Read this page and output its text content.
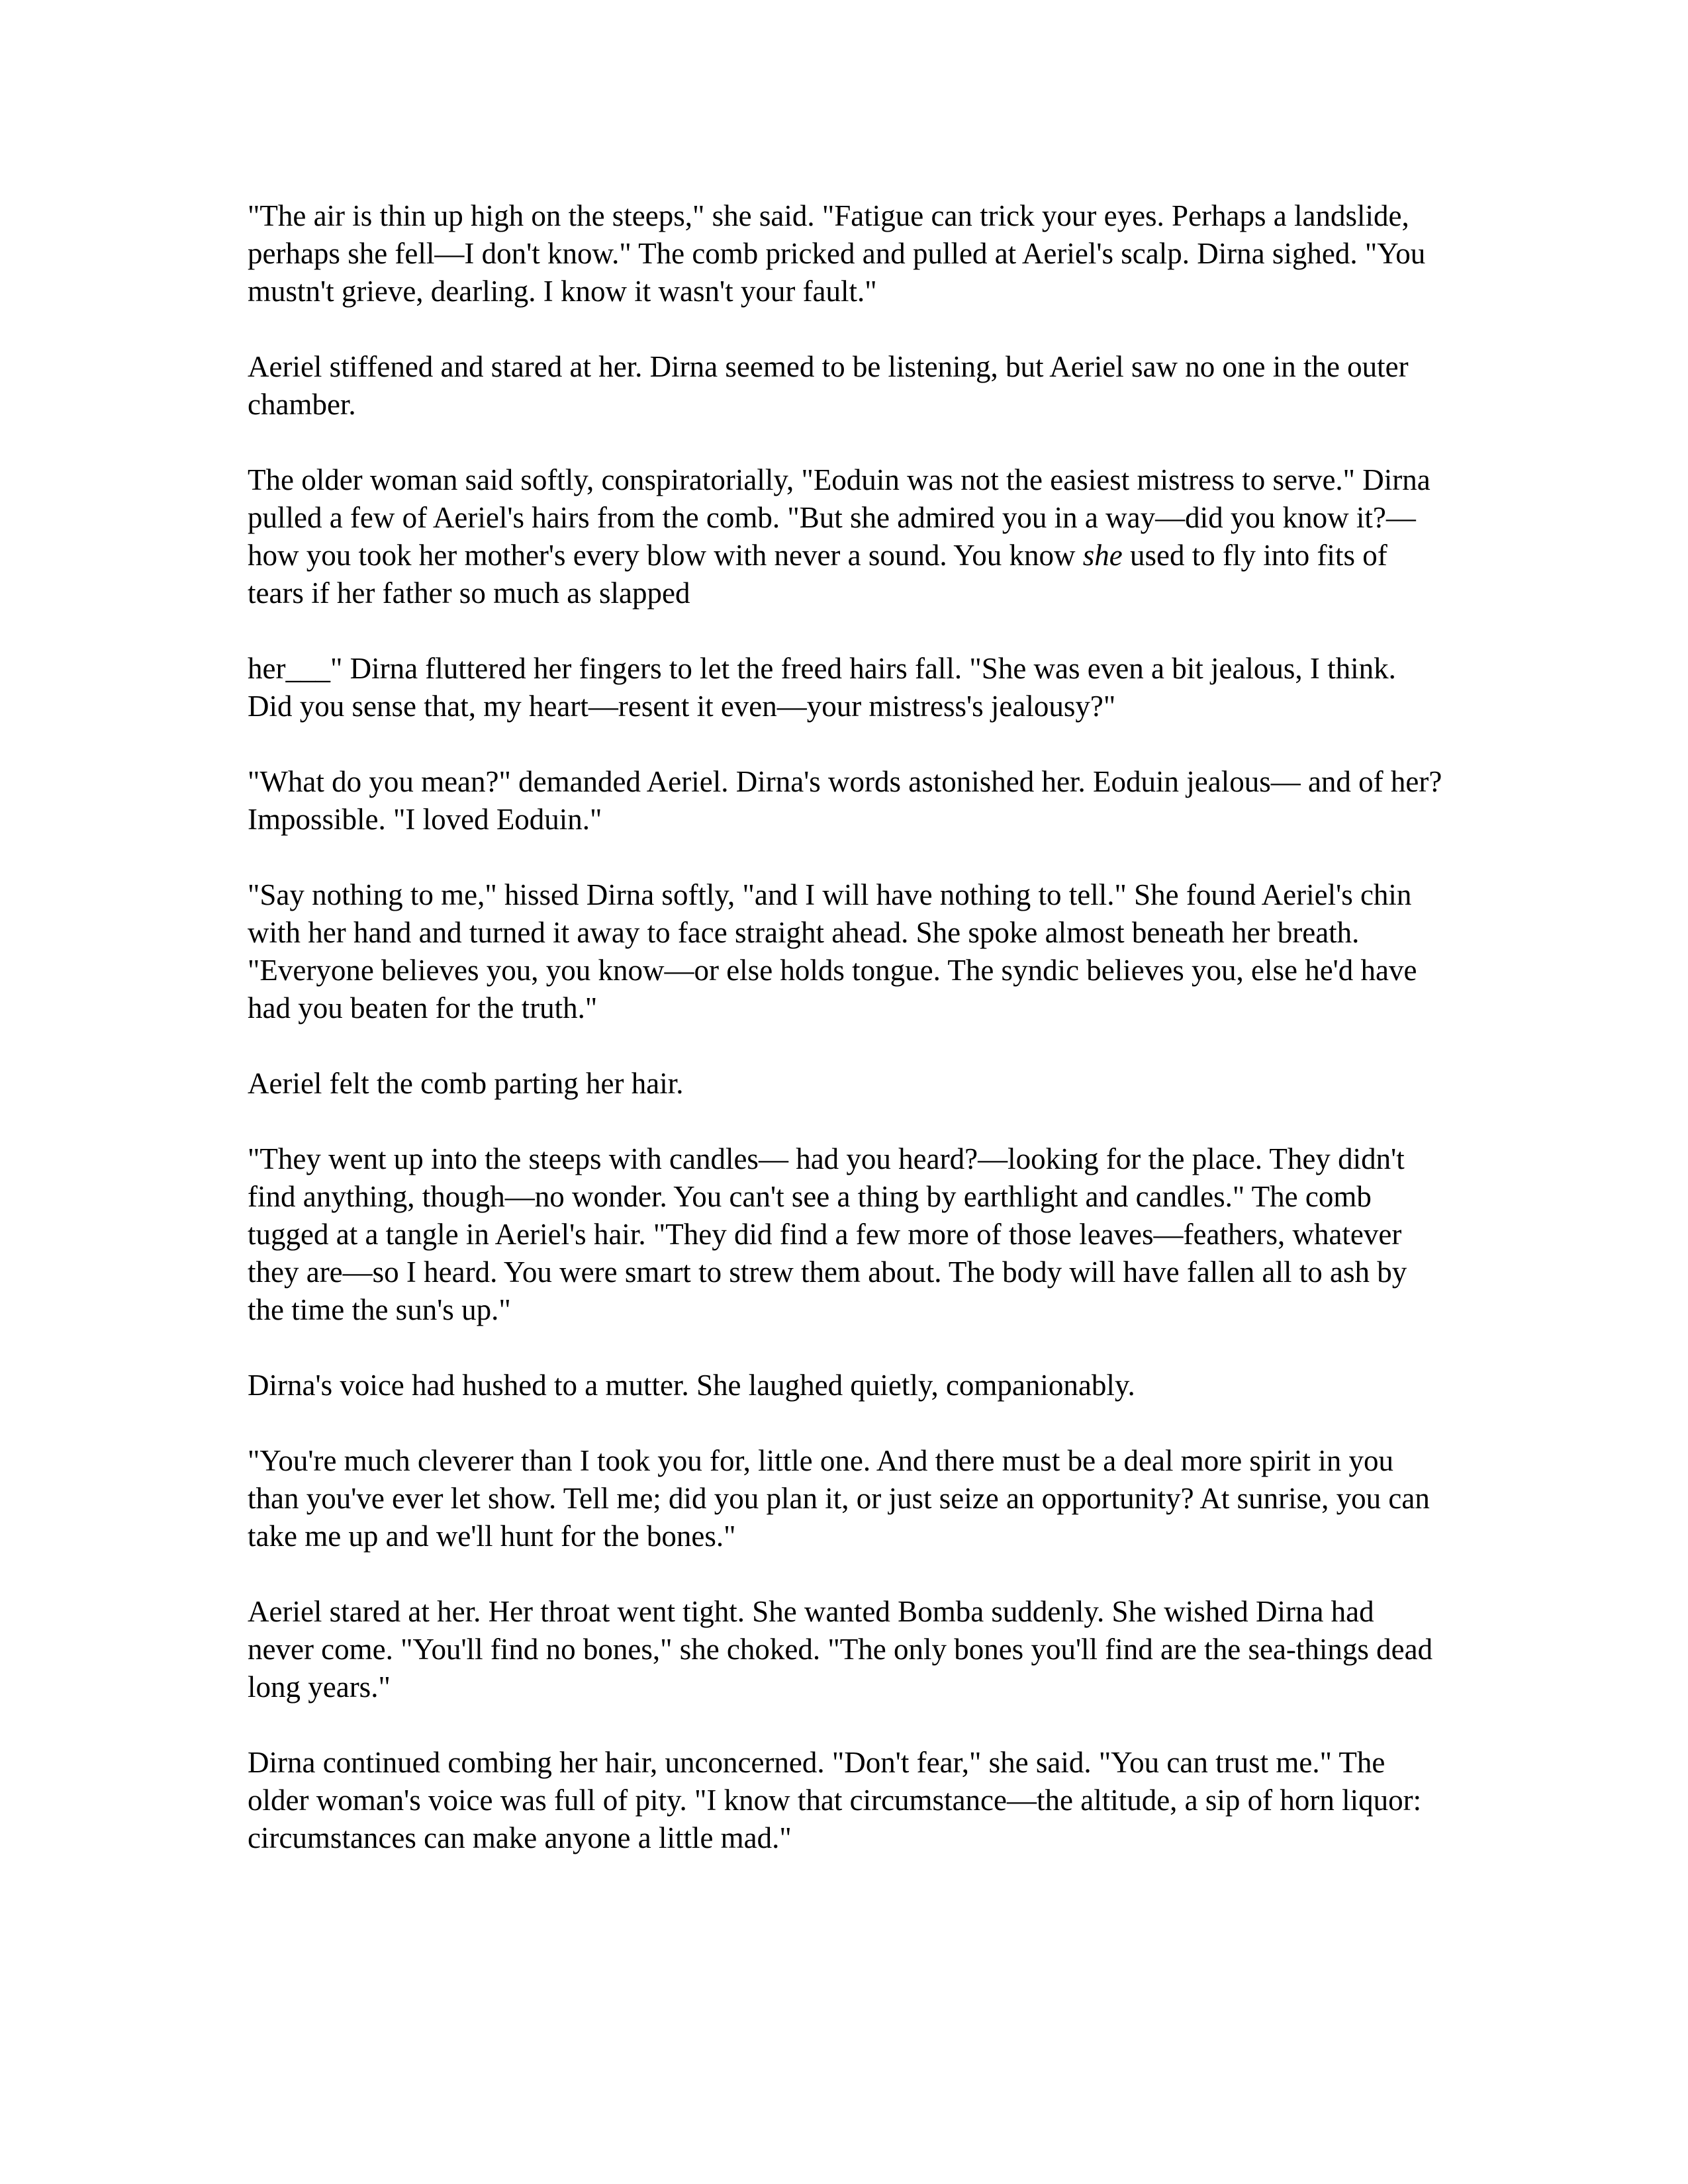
"The air is thin up high on the steeps," she said. "Fatigue can trick your eyes. Perhaps a landslide, perhaps she fell—I don't know." The comb pricked and pulled at Aeriel's scalp. Dirna sighed. "You mustn't grieve, dearling. I know it wasn't your fault."

Aeriel stiffened and stared at her. Dirna seemed to be listening, but Aeriel saw no one in the outer chamber.

The older woman said softly, conspiratorially, "Eoduin was not the easiest mistress to serve." Dirna pulled a few of Aeriel's hairs from the comb. "But she admired you in a way—did you know it?—how you took her mother's every blow with never a sound. You know she used to fly into fits of tears if her father so much as slapped

her___" Dirna fluttered her fingers to let the freed hairs fall. "She was even a bit jealous, I think. Did you sense that, my heart—resent it even—your mistress's jealousy?"

"What do you mean?" demanded Aeriel. Dirna's words astonished her. Eoduin jealous— and of her? Impossible. "I loved Eoduin."

"Say nothing to me," hissed Dirna softly, "and I will have nothing to tell." She found Aeriel's chin with her hand and turned it away to face straight ahead. She spoke almost beneath her breath. "Everyone believes you, you know—or else holds tongue. The syndic believes you, else he'd have had you beaten for the truth."

Aeriel felt the comb parting her hair.

"They went up into the steeps with candles— had you heard?—looking for the place. They didn't find anything, though—no wonder. You can't see a thing by earthlight and candles." The comb tugged at a tangle in Aeriel's hair. "They did find a few more of those leaves—feathers, whatever they are—so I heard. You were smart to strew them about. The body will have fallen all to ash by the time the sun's up."

Dirna's voice had hushed to a mutter. She laughed quietly, companionably.

"You're much cleverer than I took you for, little one. And there must be a deal more spirit in you than you've ever let show. Tell me; did you plan it, or just seize an opportunity? At sunrise, you can take me up and we'll hunt for the bones."

Aeriel stared at her. Her throat went tight. She wanted Bomba suddenly. She wished Dirna had never come. "You'll find no bones," she choked. "The only bones you'll find are the sea-things dead long years."

Dirna continued combing her hair, unconcerned. "Don't fear," she said. "You can trust me." The older woman's voice was full of pity. "I know that circumstance—the altitude, a sip of horn liquor: circumstances can make anyone a little mad."
